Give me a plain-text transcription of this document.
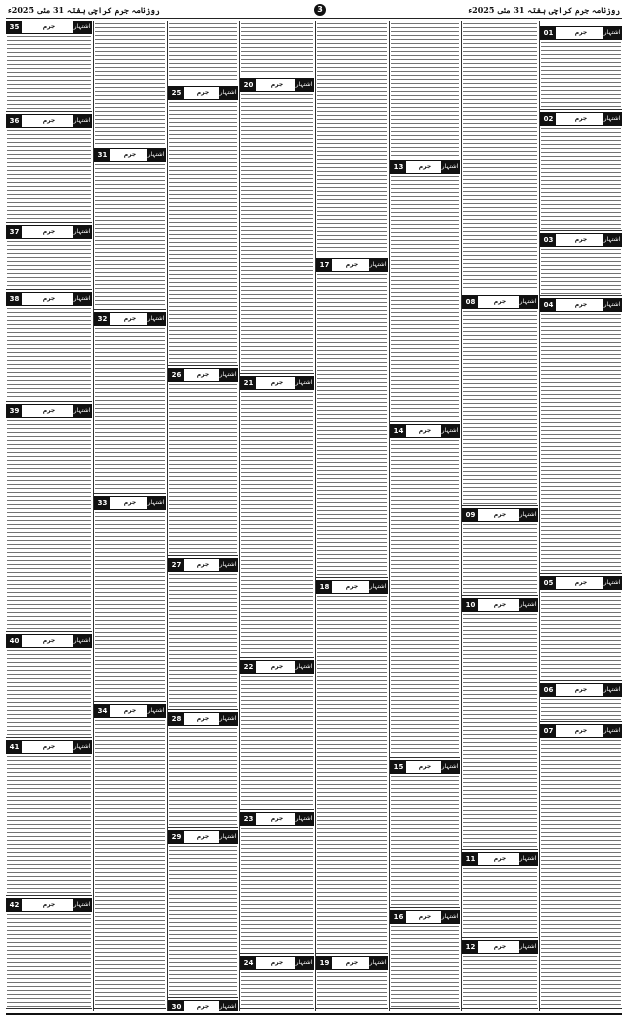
روزنامہ جرم کراچی ہفتہ 31 مئی 2025ء	3	روزنامہ جرم کراچی ہفتہ 31 مئی 2025ء
01	جرم	اشتہار
02	جرم	اشتہار
03	جرم	اشتہار
04	جرم	اشتہار
05	جرم	اشتہار
06	جرم	اشتہار
07	جرم	اشتہار
08	جرم	اشتہار
09	جرم	اشتہار
10	جرم	اشتہار
11	جرم	اشتہار
12	جرم	اشتہار
13	جرم	اشتہار
14	جرم	اشتہار
15	جرم	اشتہار
16	جرم	اشتہار
17	جرم	اشتہار
18	جرم	اشتہار
19	جرم	اشتہار
20	جرم	اشتہار
21	جرم	اشتہار
22	جرم	اشتہار
23	جرم	اشتہار
24	جرم	اشتہار
25	جرم	اشتہار
26	جرم	اشتہار
27	جرم	اشتہار
28	جرم	اشتہار
29	جرم	اشتہار
30	جرم	اشتہار
31	جرم	اشتہار
32	جرم	اشتہار
33	جرم	اشتہار
34	جرم	اشتہار
35	جرم	اشتہار
36	جرم	اشتہار
37	جرم	اشتہار
38	جرم	اشتہار
39	جرم	اشتہار
40	جرم	اشتہار
41	جرم	اشتہار
42	جرم	اشتہار
